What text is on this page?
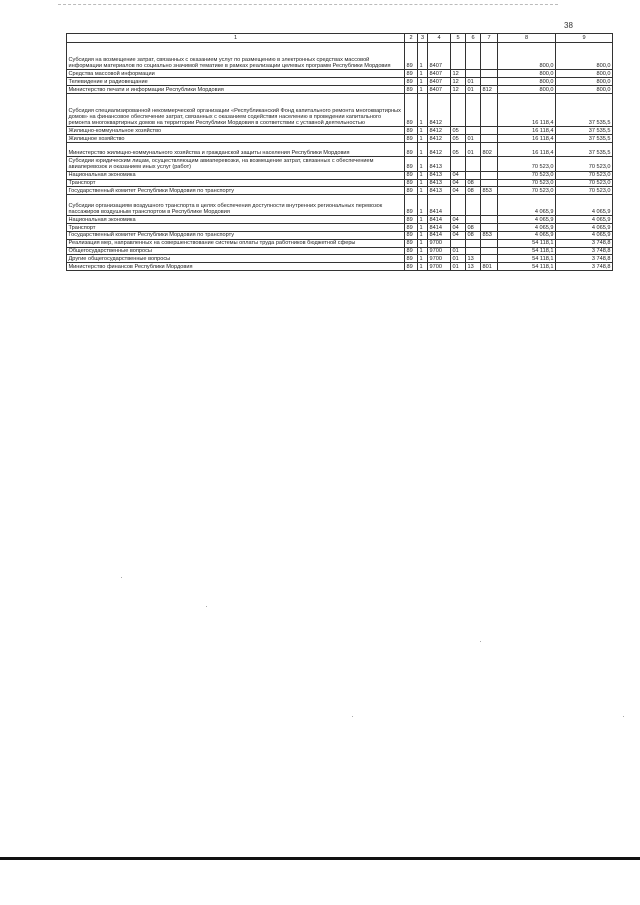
38
1	2	3	4	5	6	7	8	9
Субсидия на возмещение затрат, связанных с оказанием услуг по размещению в электронных средствах массовой информации материалов по социально значимой тематике в рамках реализации целевых программ Республики Мордовия	89	1	8407				800,0	800,0
Средства массовой информации	89	1	8407	12			800,0	800,0
Телевидение и радиовещание	89	1	8407	12	01		800,0	800,0
Министерство печати и информации Республики Мордовия	89	1	8407	12	01	812	800,0	800,0
Субсидия специализированной некоммерческой организации «Республиканский Фонд капитального ремонта многоквартирных домов» на финансовое обеспечение затрат, связанных с оказанием содействия населению в проведении капитального ремонта многоквартирных домов на территории Республики Мордовия в соответствии с уставной деятельностью	89	1	8412				16 118,4	37 535,5
Жилищно-коммунальное хозяйство	89	1	8412	05			16 118,4	37 535,5
Жилищное хозяйство	89	1	8412	05	01		16 118,4	37 535,5
Министерство жилищно-коммунального хозяйства и гражданской защиты населения Республики Мордовия	89	1	8412	05	01	802	16 118,4	37 535,5
Субсидии юридическим лицам, осуществляющим авиаперевозки, на возмещение затрат, связанных с обеспечением авиаперевозок и оказанием иных услуг (работ)	89	1	8413				70 523,0	70 523,0
Национальная экономика	89	1	8413	04			70 523,0	70 523,0
Транспорт	89	1	8413	04	08		70 523,0	70 523,0
Государственный комитет Республики Мордовия по транспорту	89	1	8413	04	08	853	70 523,0	70 523,0
Субсидии организациям воздушного транспорта в целях обеспечения доступности внутренних региональных перевозок пассажиров воздушным транспортом в Республике Мордовия	89	1	8414				4 065,9	4 065,9
Национальная экономика	89	1	8414	04			4 065,9	4 065,9
Транспорт	89	1	8414	04	08		4 065,9	4 065,9
Государственный комитет Республики Мордовия по транспорту	89	1	8414	04	08	853	4 065,9	4 065,9
Реализация мер, направленных на совершенствование системы оплаты труда работников бюджетной сферы	89	1	9700				54 118,1	3 748,8
Общегосударственные вопросы	89	1	9700	01			54 118,1	3 748,8
Другие общегосударственные вопросы	89	1	9700	01	13		54 118,1	3 748,8
Министерство финансов Республики Мордовия	89	1	9700	01	13	801	54 118,1	3 748,8
